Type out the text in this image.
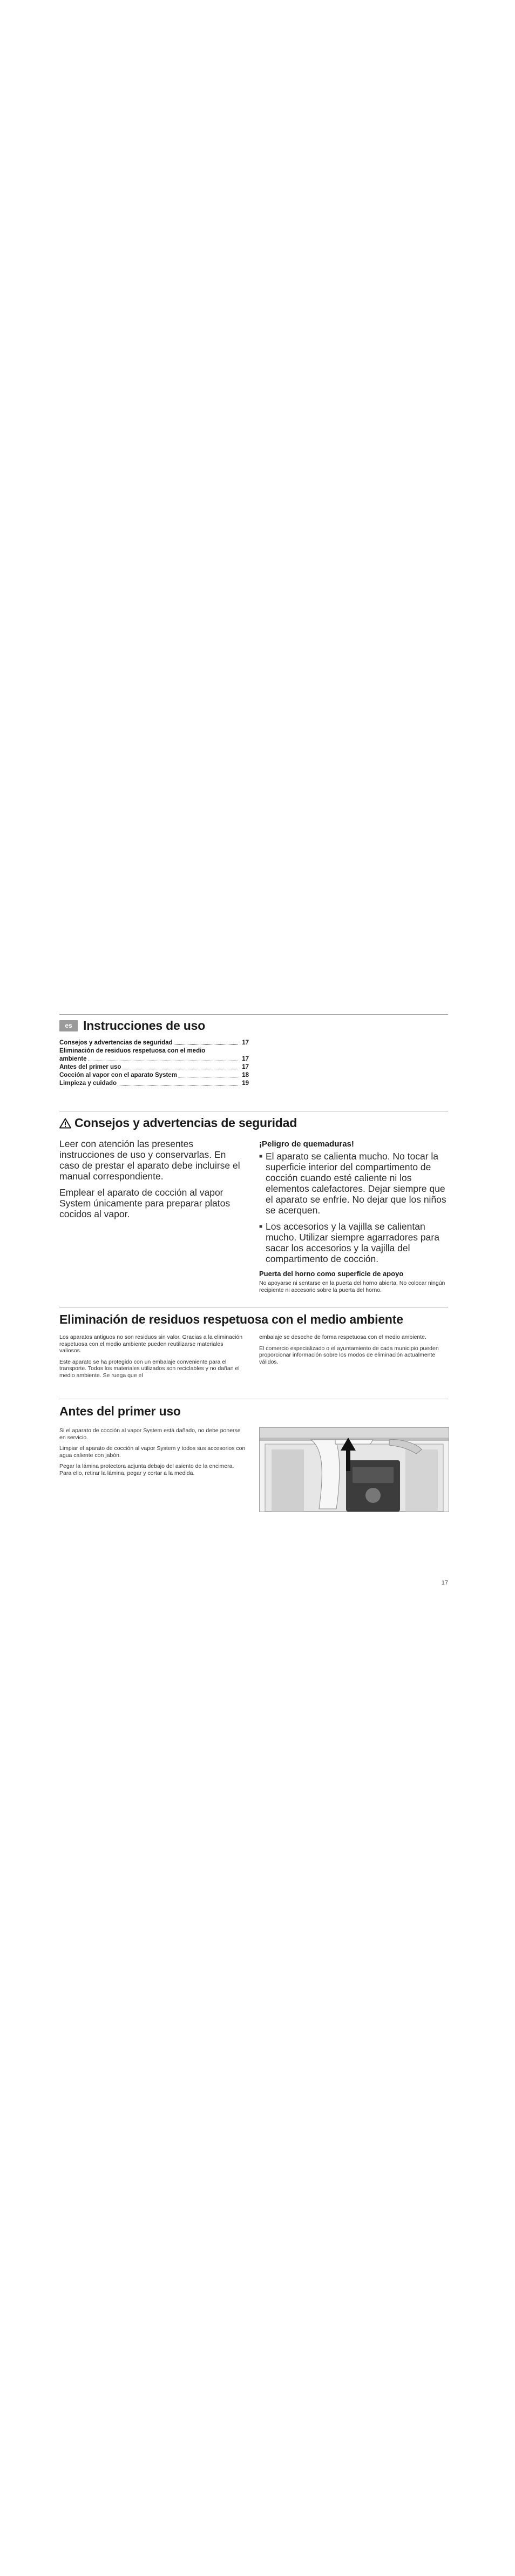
es Instrucciones de uso
Consejos y advertencias de seguridad	17
Eliminación de residuos respetuosa con el medio
ambiente	17
Antes del primer uso	17
Cocción al vapor con el aparato System	18
Limpieza y cuidado	19
Consejos y advertencias de seguridad

Leer con atención las presentes instrucciones de uso y conservarlas. En caso de prestar el aparato debe incluirse el manual correspondiente.

Emplear el aparato de cocción al vapor System únicamente para preparar platos cocidos al vapor.

¡Peligro de quemaduras!
■ El aparato se calienta mucho. No tocar la superficie interior del compartimento de cocción cuando esté caliente ni los elementos calefactores. Dejar siempre que el aparato se enfríe. No dejar que los niños se acerquen.
■ Los accesorios y la vajilla se calientan mucho. Utilizar siempre agarradores para sacar los accesorios y la vajilla del compartimento de cocción.
Puerta del horno como superficie de apoyo

No apoyarse ni sentarse en la puerta del horno abierta. No colocar ningún recipiente ni accesorio sobre la puerta del horno.

Eliminación de residuos respetuosa con el medio ambiente

Los aparatos antiguos no son residuos sin valor. Gracias a la eliminación respetuosa con el medio ambiente pueden reutilizarse materiales valiosos.

Este aparato se ha protegido con un embalaje conveniente para el transporte. Todos los materiales utilizados son reciclables y no dañan el medio ambiente. Se ruega que el

embalaje se deseche de forma respetuosa con el medio ambiente.

El comercio especializado o el ayuntamiento de cada municipio pueden proporcionar información sobre los modos de eliminación actualmente válidos.

Antes del primer uso

Si el aparato de cocción al vapor System está dañado, no debe ponerse en servicio.

Limpiar el aparato de cocción al vapor System y todos sus accesorios con agua caliente con jabón.

Pegar la lámina protectora adjunta debajo del asiento de la encimera. Para ello, retirar la lámina, pegar y cortar a la medida.

17
